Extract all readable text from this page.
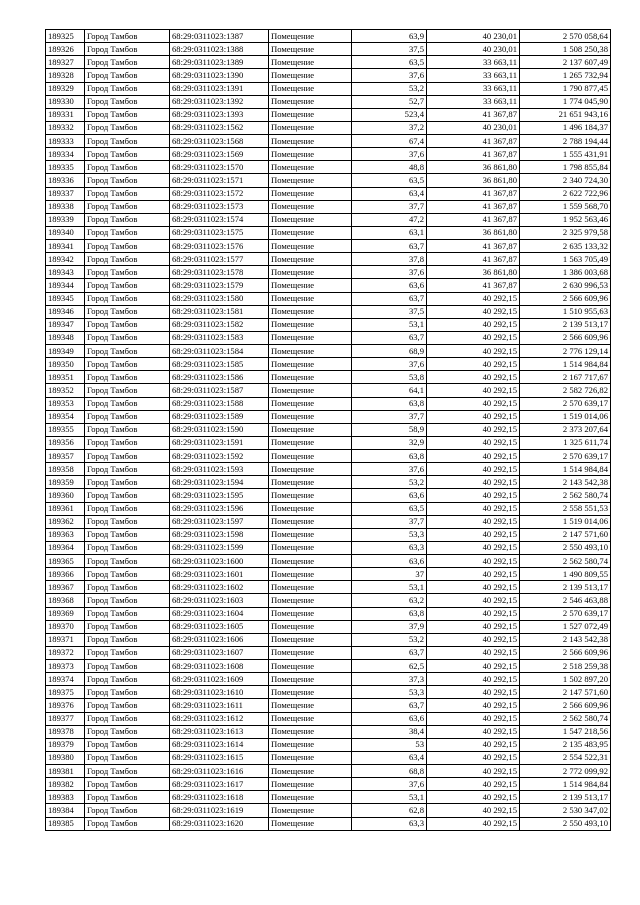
189325	Город Тамбов	68:29:0311023:1387	Помещение	63,9	40 230,01	2 570 058,64
189326	Город Тамбов	68:29:0311023:1388	Помещение	37,5	40 230,01	1 508 250,38
189327	Город Тамбов	68:29:0311023:1389	Помещение	63,5	33 663,11	2 137 607,49
189328	Город Тамбов	68:29:0311023:1390	Помещение	37,6	33 663,11	1 265 732,94
189329	Город Тамбов	68:29:0311023:1391	Помещение	53,2	33 663,11	1 790 877,45
189330	Город Тамбов	68:29:0311023:1392	Помещение	52,7	33 663,11	1 774 045,90
189331	Город Тамбов	68:29:0311023:1393	Помещение	523,4	41 367,87	21 651 943,16
189332	Город Тамбов	68:29:0311023:1562	Помещение	37,2	40 230,01	1 496 184,37
189333	Город Тамбов	68:29:0311023:1568	Помещение	67,4	41 367,87	2 788 194,44
189334	Город Тамбов	68:29:0311023:1569	Помещение	37,6	41 367,87	1 555 431,91
189335	Город Тамбов	68:29:0311023:1570	Помещение	48,8	36 861,80	1 798 855,84
189336	Город Тамбов	68:29:0311023:1571	Помещение	63,5	36 861,80	2 340 724,30
189337	Город Тамбов	68:29:0311023:1572	Помещение	63,4	41 367,87	2 622 722,96
189338	Город Тамбов	68:29:0311023:1573	Помещение	37,7	41 367,87	1 559 568,70
189339	Город Тамбов	68:29:0311023:1574	Помещение	47,2	41 367,87	1 952 563,46
189340	Город Тамбов	68:29:0311023:1575	Помещение	63,1	36 861,80	2 325 979,58
189341	Город Тамбов	68:29:0311023:1576	Помещение	63,7	41 367,87	2 635 133,32
189342	Город Тамбов	68:29:0311023:1577	Помещение	37,8	41 367,87	1 563 705,49
189343	Город Тамбов	68:29:0311023:1578	Помещение	37,6	36 861,80	1 386 003,68
189344	Город Тамбов	68:29:0311023:1579	Помещение	63,6	41 367,87	2 630 996,53
189345	Город Тамбов	68:29:0311023:1580	Помещение	63,7	40 292,15	2 566 609,96
189346	Город Тамбов	68:29:0311023:1581	Помещение	37,5	40 292,15	1 510 955,63
189347	Город Тамбов	68:29:0311023:1582	Помещение	53,1	40 292,15	2 139 513,17
189348	Город Тамбов	68:29:0311023:1583	Помещение	63,7	40 292,15	2 566 609,96
189349	Город Тамбов	68:29:0311023:1584	Помещение	68,9	40 292,15	2 776 129,14
189350	Город Тамбов	68:29:0311023:1585	Помещение	37,6	40 292,15	1 514 984,84
189351	Город Тамбов	68:29:0311023:1586	Помещение	53,8	40 292,15	2 167 717,67
189352	Город Тамбов	68:29:0311023:1587	Помещение	64,1	40 292,15	2 582 726,82
189353	Город Тамбов	68:29:0311023:1588	Помещение	63,8	40 292,15	2 570 639,17
189354	Город Тамбов	68:29:0311023:1589	Помещение	37,7	40 292,15	1 519 014,06
189355	Город Тамбов	68:29:0311023:1590	Помещение	58,9	40 292,15	2 373 207,64
189356	Город Тамбов	68:29:0311023:1591	Помещение	32,9	40 292,15	1 325 611,74
189357	Город Тамбов	68:29:0311023:1592	Помещение	63,8	40 292,15	2 570 639,17
189358	Город Тамбов	68:29:0311023:1593	Помещение	37,6	40 292,15	1 514 984,84
189359	Город Тамбов	68:29:0311023:1594	Помещение	53,2	40 292,15	2 143 542,38
189360	Город Тамбов	68:29:0311023:1595	Помещение	63,6	40 292,15	2 562 580,74
189361	Город Тамбов	68:29:0311023:1596	Помещение	63,5	40 292,15	2 558 551,53
189362	Город Тамбов	68:29:0311023:1597	Помещение	37,7	40 292,15	1 519 014,06
189363	Город Тамбов	68:29:0311023:1598	Помещение	53,3	40 292,15	2 147 571,60
189364	Город Тамбов	68:29:0311023:1599	Помещение	63,3	40 292,15	2 550 493,10
189365	Город Тамбов	68:29:0311023:1600	Помещение	63,6	40 292,15	2 562 580,74
189366	Город Тамбов	68:29:0311023:1601	Помещение	37	40 292,15	1 490 809,55
189367	Город Тамбов	68:29:0311023:1602	Помещение	53,1	40 292,15	2 139 513,17
189368	Город Тамбов	68:29:0311023:1603	Помещение	63,2	40 292,15	2 546 463,88
189369	Город Тамбов	68:29:0311023:1604	Помещение	63,8	40 292,15	2 570 639,17
189370	Город Тамбов	68:29:0311023:1605	Помещение	37,9	40 292,15	1 527 072,49
189371	Город Тамбов	68:29:0311023:1606	Помещение	53,2	40 292,15	2 143 542,38
189372	Город Тамбов	68:29:0311023:1607	Помещение	63,7	40 292,15	2 566 609,96
189373	Город Тамбов	68:29:0311023:1608	Помещение	62,5	40 292,15	2 518 259,38
189374	Город Тамбов	68:29:0311023:1609	Помещение	37,3	40 292,15	1 502 897,20
189375	Город Тамбов	68:29:0311023:1610	Помещение	53,3	40 292,15	2 147 571,60
189376	Город Тамбов	68:29:0311023:1611	Помещение	63,7	40 292,15	2 566 609,96
189377	Город Тамбов	68:29:0311023:1612	Помещение	63,6	40 292,15	2 562 580,74
189378	Город Тамбов	68:29:0311023:1613	Помещение	38,4	40 292,15	1 547 218,56
189379	Город Тамбов	68:29:0311023:1614	Помещение	53	40 292,15	2 135 483,95
189380	Город Тамбов	68:29:0311023:1615	Помещение	63,4	40 292,15	2 554 522,31
189381	Город Тамбов	68:29:0311023:1616	Помещение	68,8	40 292,15	2 772 099,92
189382	Город Тамбов	68:29:0311023:1617	Помещение	37,6	40 292,15	1 514 984,84
189383	Город Тамбов	68:29:0311023:1618	Помещение	53,1	40 292,15	2 139 513,17
189384	Город Тамбов	68:29:0311023:1619	Помещение	62,8	40 292,15	2 530 347,02
189385	Город Тамбов	68:29:0311023:1620	Помещение	63,3	40 292,15	2 550 493,10
